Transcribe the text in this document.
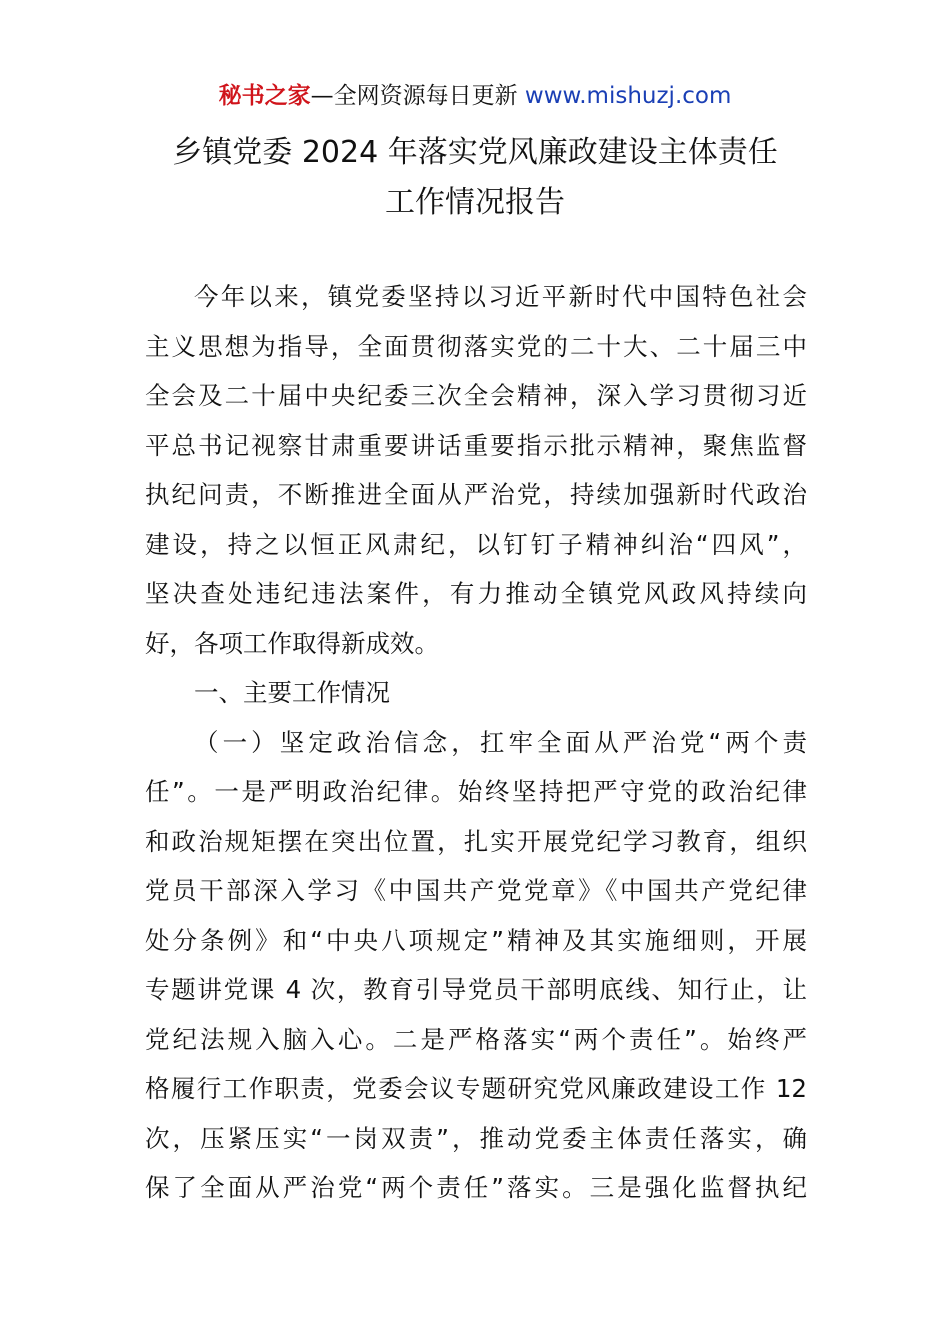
秘书之家—全网资源每日更新 www.mishuzj.com
乡镇党委 2024 年落实党风廉政建设主体责任
工作情况报告
今年以来，镇党委坚持以习近平新时代中国特色社会
主义思想为指导，全面贯彻落实党的二十大、二十届三中
全会及二十届中央纪委三次全会精神，深入学习贯彻习近
平总书记视察甘肃重要讲话重要指示批示精神，聚焦监督
执纪问责，不断推进全面从严治党，持续加强新时代政治
建设，持之以恒正风肃纪，以钉钉子精神纠治“四风”，
坚决查处违纪违法案件，有力推动全镇党风政风持续向
好，各项工作取得新成效。
一、主要工作情况
（一）坚定政治信念，扛牢全面从严治党“两个责
任”。一是严明政治纪律。始终坚持把严守党的政治纪律
和政治规矩摆在突出位置，扎实开展党纪学习教育，组织
党员干部深入学习《中国共产党党章》《中国共产党纪律
处分条例》和“中央八项规定”精神及其实施细则，开展
专题讲党课 4 次，教育引导党员干部明底线、知行止，让
党纪法规入脑入心。二是严格落实“两个责任”。始终严
格履行工作职责，党委会议专题研究党风廉政建设工作 12
次，压紧压实“一岗双责”，推动党委主体责任落实，确
保了全面从严治党“两个责任”落实。三是强化监督执纪
